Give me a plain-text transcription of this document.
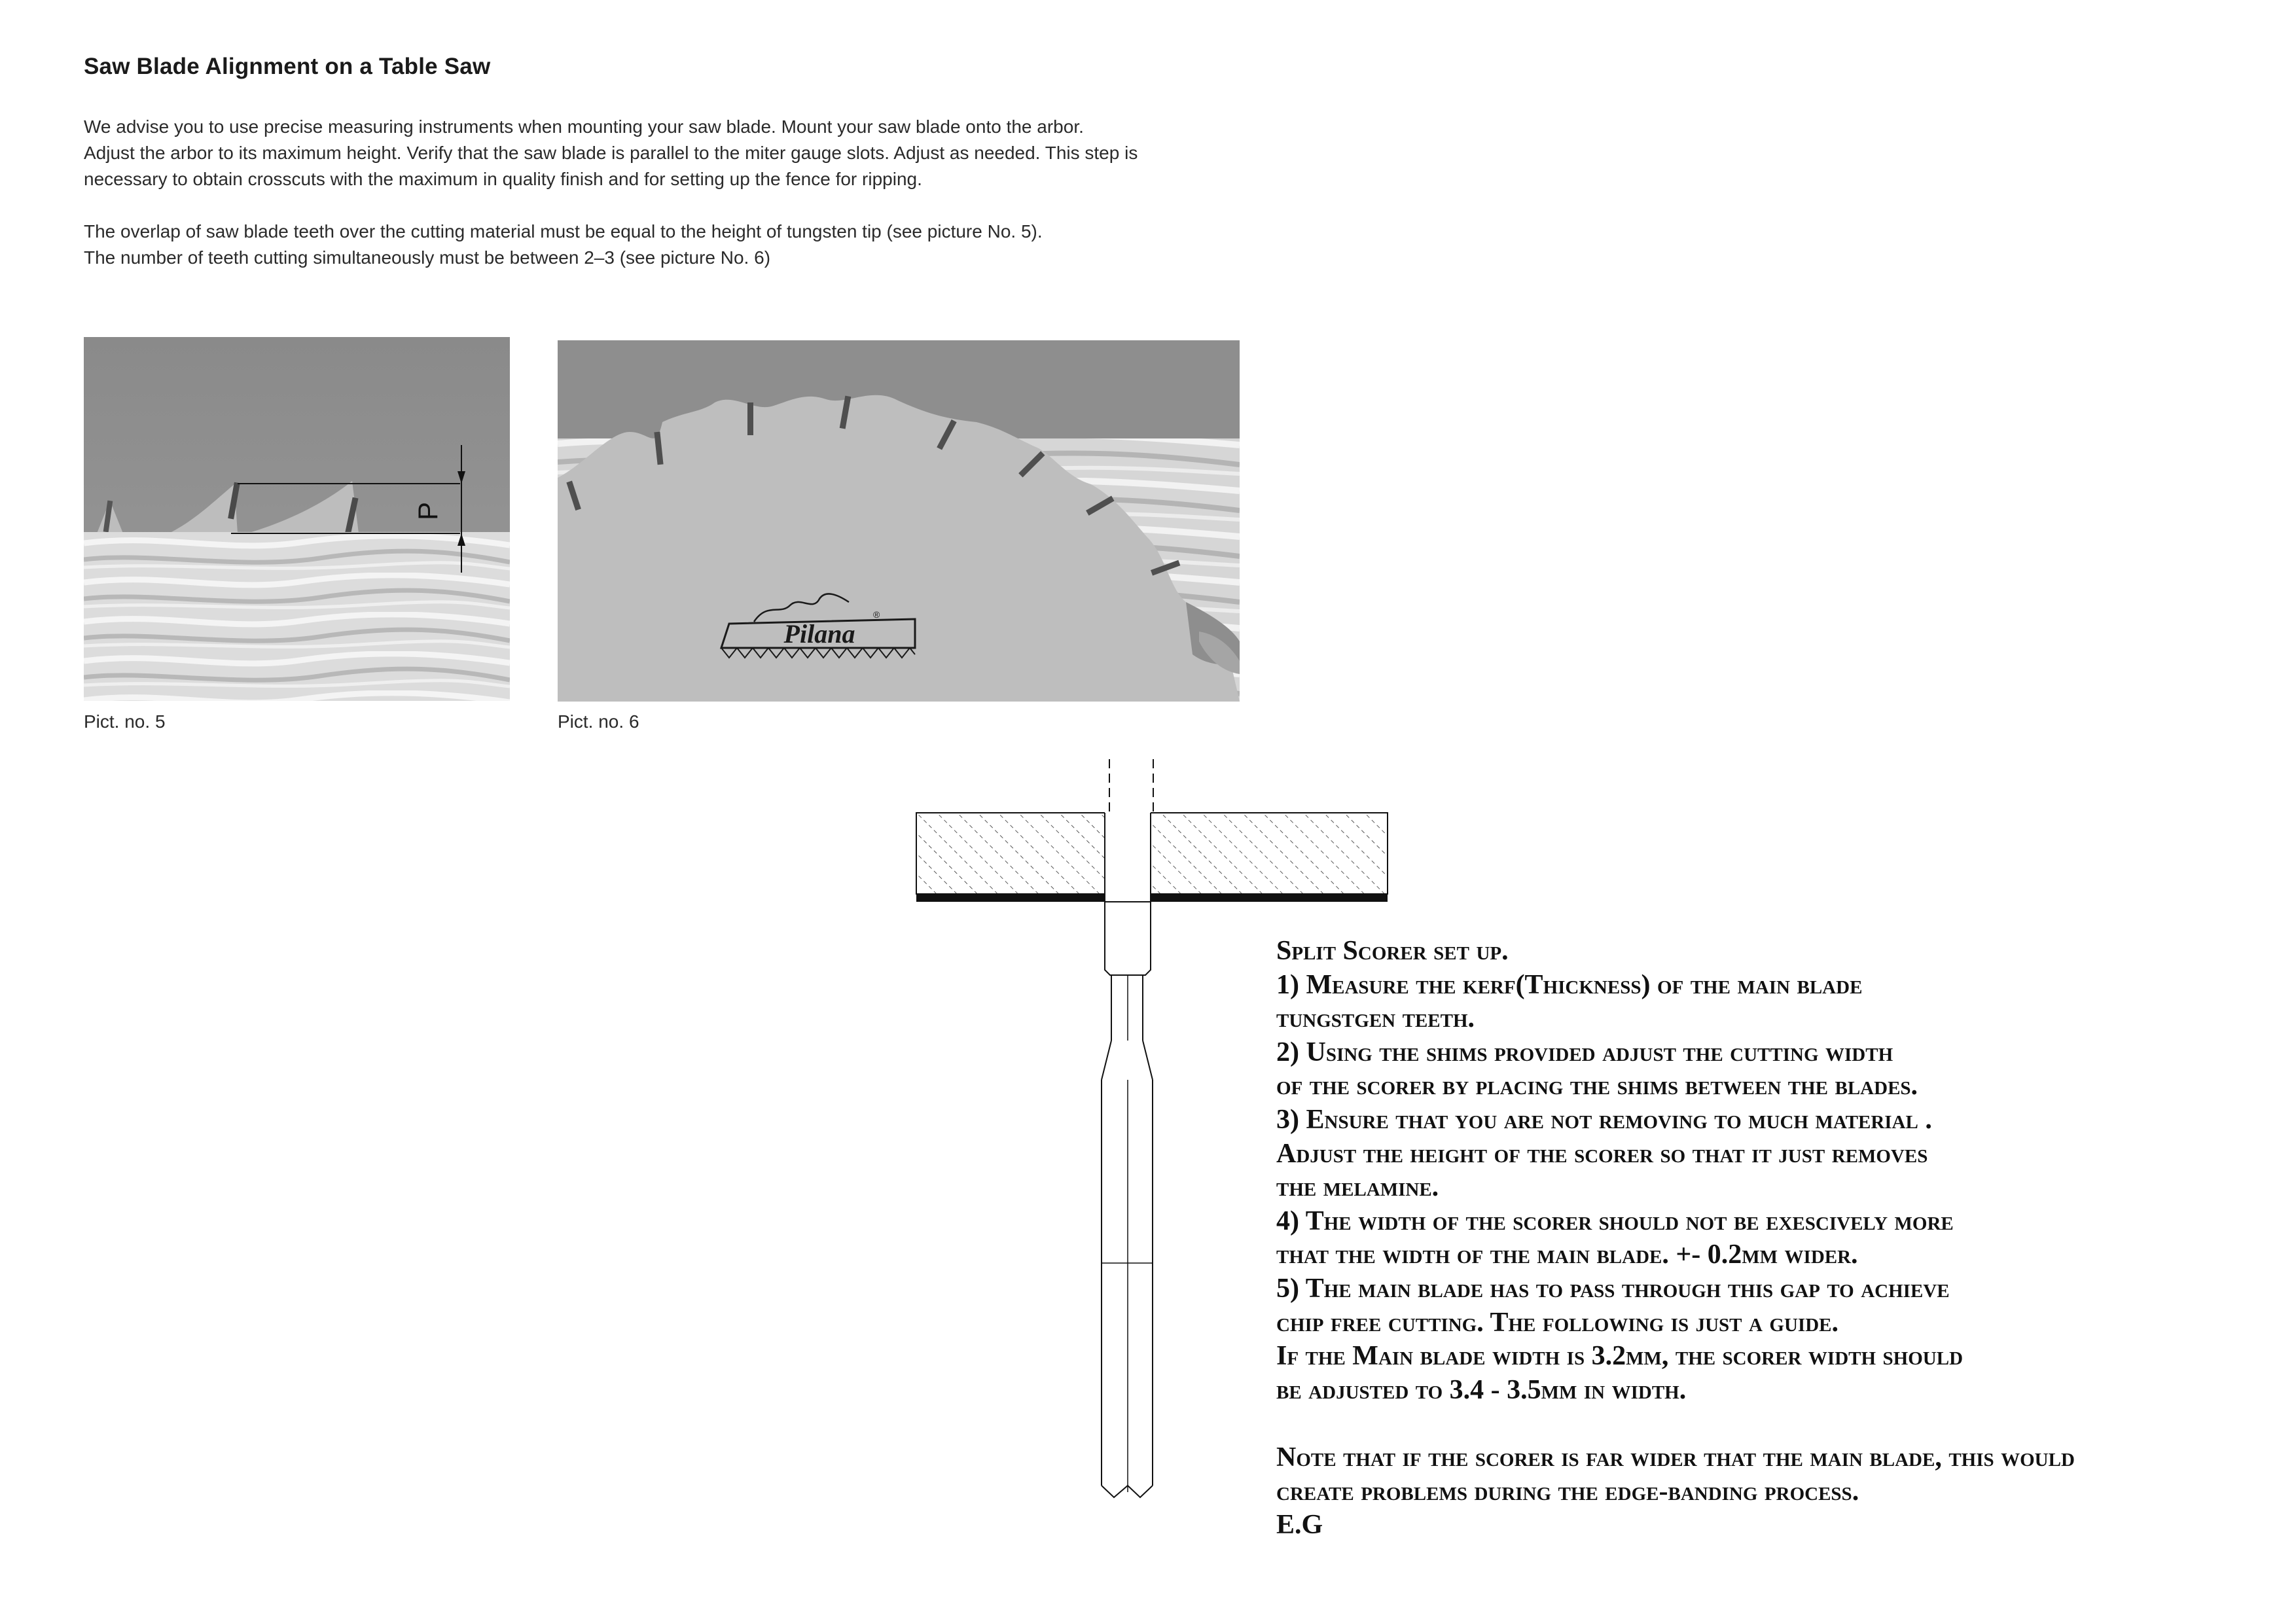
Saw Blade Alignment on a Table Saw

We advise you to use precise measuring instruments when mounting your saw blade. Mount your saw blade onto the arbor.
Adjust the arbor to its maximum height. Verify that the saw blade is parallel to the miter gauge slots. Adjust as needed. This step is
necessary to obtain crosscuts with the maximum in quality finish and for setting up the fence for ripping.

The overlap of saw blade teeth over the cutting material must be equal to the height of tungsten tip (see picture No. 5).
The number of teeth cutting simultaneously must be between 2–3 (see picture No. 6)

P
Pict. no. 5
Pilana
®
Pict. no. 6
Split Scorer set up.
1) Measure the kerf(Thickness) of the main blade
tungstgen teeth.
2) Using the shims provided adjust the cutting width
of the scorer by placing the shims between the blades.
3) Ensure that you are not removing to much material .
Adjust the height of the scorer so that it just removes
the melamine.
4) The width of the scorer should not be exescively more
that the width of the main blade. +- 0.2mm wider.
5) The main blade has to pass through this gap to achieve
chip free cutting. The following is just a guide.
If the Main blade width is 3.2mm, the scorer width should
be adjusted to 3.4 - 3.5mm in width.
Note that if the scorer is far wider that the main blade, this would
create problems during the edge-banding process.
E.G
